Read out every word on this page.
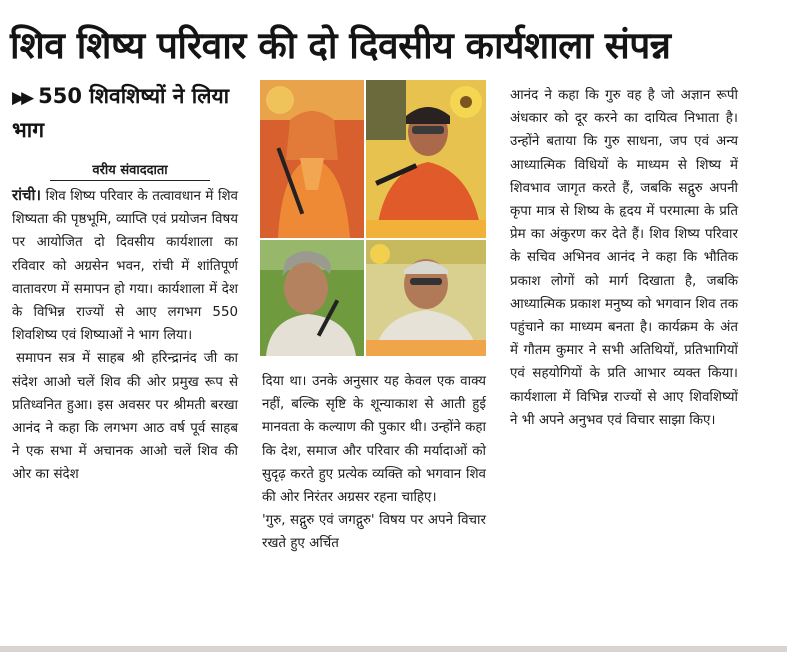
शिव शिष्य परिवार की दो दिवसीय कार्यशाला संपन्न
▶▶ 550 शिवशिष्यों ने लिया भाग
वरीय संवाददाता

रांची। शिव शिष्य परिवार के तत्वावधान में शिव शिष्यता की पृष्ठभूमि, व्याप्ति एवं प्रयोजन विषय पर आयोजित दो दिवसीय कार्यशाला का रविवार को अग्रसेन भवन, रांची में शांतिपूर्ण वातावरण में समापन हो गया। कार्यशाला में देश के विभिन्न राज्यों से आए लगभग 550 शिवशिष्य एवं शिष्याओं ने भाग लिया।

समापन सत्र में साहब श्री हरिन्द्रानंद जी का संदेश आओ चलें शिव की ओर प्रमुख रूप से प्रतिध्वनित हुआ। इस अवसर पर श्रीमती बरखा आनंद ने कहा कि लगभग आठ वर्ष पूर्व साहब ने एक सभा में अचानक आओ चलें शिव की ओर का संदेश

दिया था। उनके अनुसार यह केवल एक वाक्य नहीं, बल्कि सृष्टि के शून्याकाश से आती हुई मानवता के कल्याण की पुकार थी। उन्होंने कहा कि देश, समाज और परिवार की मर्यादाओं को सुदृढ़ करते हुए प्रत्येक व्यक्ति को भगवान शिव की ओर निरंतर अग्रसर रहना चाहिए।

'गुरु, सद्गुरु एवं जगद्गुरु' विषय पर अपने विचार रखते हुए अर्चित

आनंद ने कहा कि गुरु वह है जो अज्ञान रूपी अंधकार को दूर करने का दायित्व निभाता है। उन्होंने बताया कि गुरु साधना, जप एवं अन्य आध्यात्मिक विधियों के माध्यम से शिष्य में शिवभाव जागृत करते हैं, जबकि सद्गुरु अपनी कृपा मात्र से शिष्य के हृदय में परमात्मा के प्रति प्रेम का अंकुरण कर देते हैं। शिव शिष्य परिवार के सचिव अभिनव आनंद ने कहा कि भौतिक प्रकाश लोगों को मार्ग दिखाता है, जबकि आध्यात्मिक प्रकाश मनुष्य को भगवान शिव तक पहुंचाने का माध्यम बनता है। कार्यक्रम के अंत में गौतम कुमार ने सभी अतिथियों, प्रतिभागियों एवं सहयोगियों के प्रति आभार व्यक्त किया। कार्यशाला में विभिन्न राज्यों से आए शिवशिष्यों ने भी अपने अनुभव एवं विचार साझा किए।
